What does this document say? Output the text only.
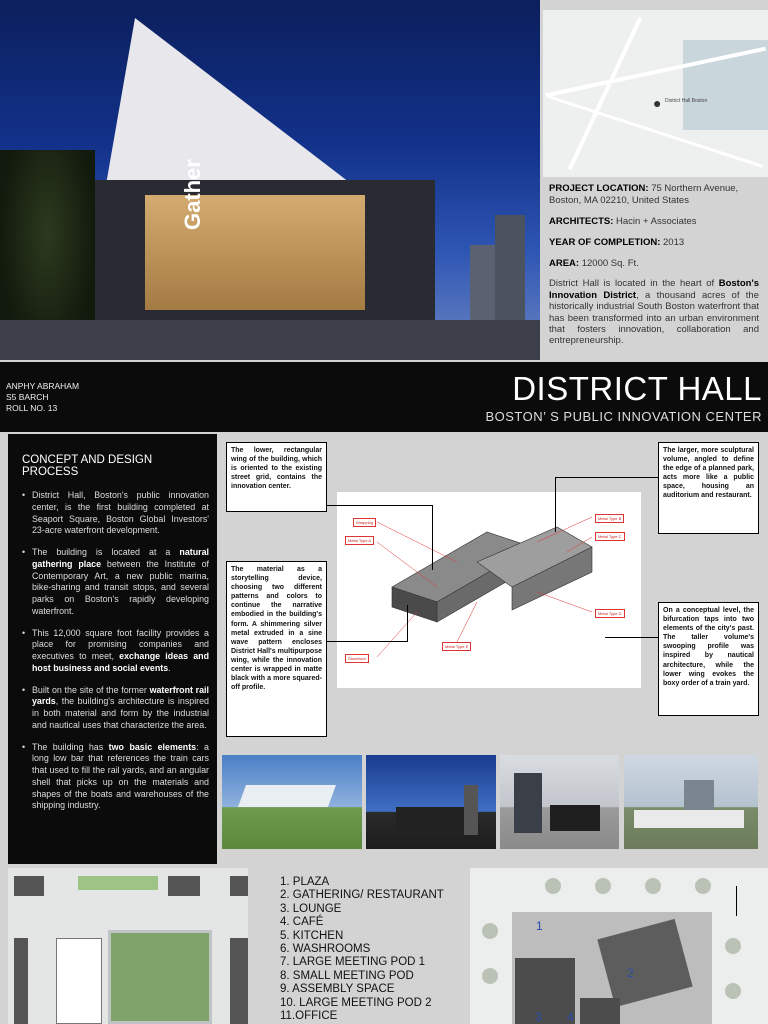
Gather
● District Hall Boston

PROJECT LOCATION: 75 Northern Avenue, Boston, MA 02210, United States

ARCHITECTS: Hacin + Associates

YEAR OF COMPLETION: 2013

AREA: 12000 Sq. Ft.

District Hall is located in the heart of Boston's Innovation District, a thousand acres of the historically industrial South Boston waterfront that has been transformed into an urban environment that fosters innovation, collaboration and entrepreneurship.

ANPHY ABRAHAM
S5 BARCH
ROLL NO. 13
DISTRICT HALL
BOSTON’ S PUBLIC INNOVATION CENTER
CONCEPT AND DESIGN PROCESS
• District Hall, Boston's public innovation center, is the first building completed at Seaport Square, Boston Global Investors' 23-acre waterfront development.
• The building is located at a natural gathering place between the Institute of Contemporary Art, a new public marina, bike-sharing and transit stops, and several parks on Boston's rapidly developing waterfront.
• This 12,000 square foot facility provides a place for promising companies and executives to meet, exchange ideas and host business and social events.
• Built on the site of the former waterfront rail yards, the building's architecture is inspired in both material and form by the industrial and nautical uses that characterize the area.
• The building has two basic elements: a long low bar that references the train cars that used to fill the rail yards, and an angular shell that picks up on the materials and shapes of the boats and warehouses of the shipping industry.
Wrapping
Metal Type A
Metal Type B
Metal Type C
Metal Type D
Storefront
Metal Type E
The lower, rectangular wing of the building, which is oriented to the existing street grid, contains the innovation center.
The larger, more sculptural volume, angled to define the edge of a planned park, acts more like a public space, housing an auditorium and restaurant.
The material as a storytelling device, choosing two different patterns and colors to continue the narrative embodied in the building's form. A shimmering silver metal extruded in a sine wave pattern encloses District Hall's multipurpose wing, while the innovation center is wrapped in matte black with a more squared-off profile.
On a conceptual level, the bifurcation taps into two elements of the city's past. The taller volume's swooping profile was inspired by nautical architecture, while the lower wing evokes the boxy order of a train yard.
1. PLAZA
2. GATHERING/ RESTAURANT
3. LOUNGE
4. CAFÉ
5. KITCHEN
6. WASHROOMS
7. LARGE MEETING POD 1
8. SMALL MEETING POD
9. ASSEMBLY SPACE
10. LARGE MEETING POD 2
11.OFFICE
1
2
3 4
